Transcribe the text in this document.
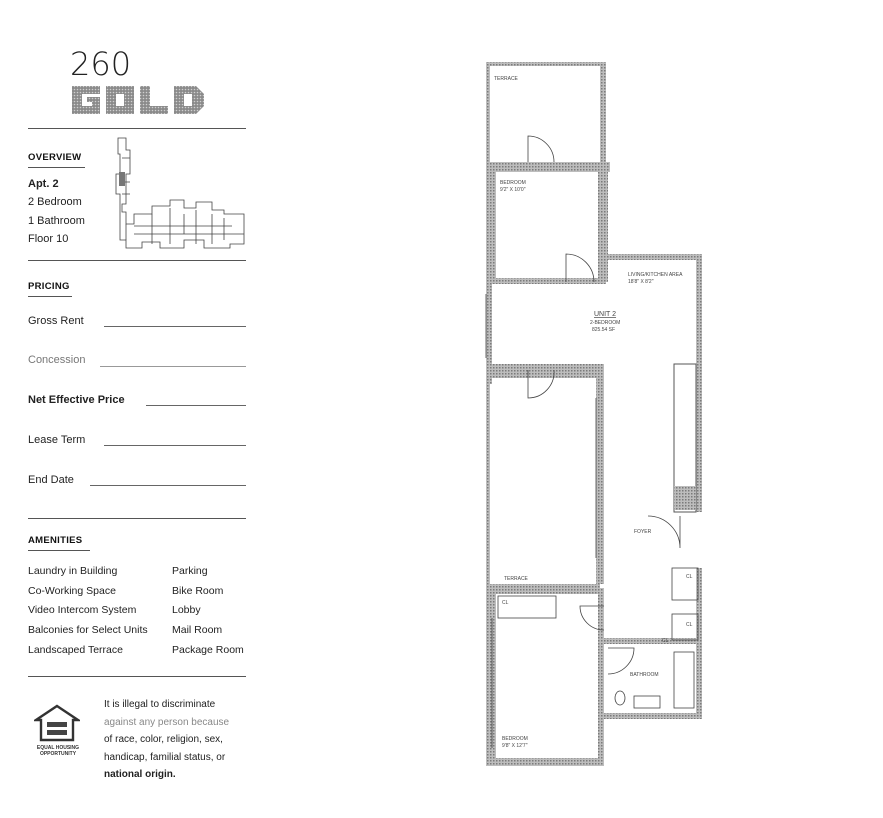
260
OVERVIEW
Apt. 2
2 Bedroom
1 Bathroom
Floor 10
PRICING
Gross Rent
Concession
Net Effective Price
Lease Term
End Date
AMENITIES
Laundry in Building
Co-Working Space
Video Intercom System
Balconies for Select Units
Landscaped Terrace
Parking
Bike Room
Lobby
Mail Room
Package Room
EQUAL HOUSING
OPPORTUNITY
It is illegal to discriminate
against any person because
of race, color, religion, sex,
handicap, familial status, or
national origin.
TERRACE
BEDROOM
9'2" X 10'0"
LIVING/KITCHEN AREA
18'8" X 8'2"
UNIT 2
2-BEDROOM
825.54 SF
FOYER
TERRACE	CL
CL
CL
CL
BATHROOM
BEDROOM
9'8" X 12'7"
